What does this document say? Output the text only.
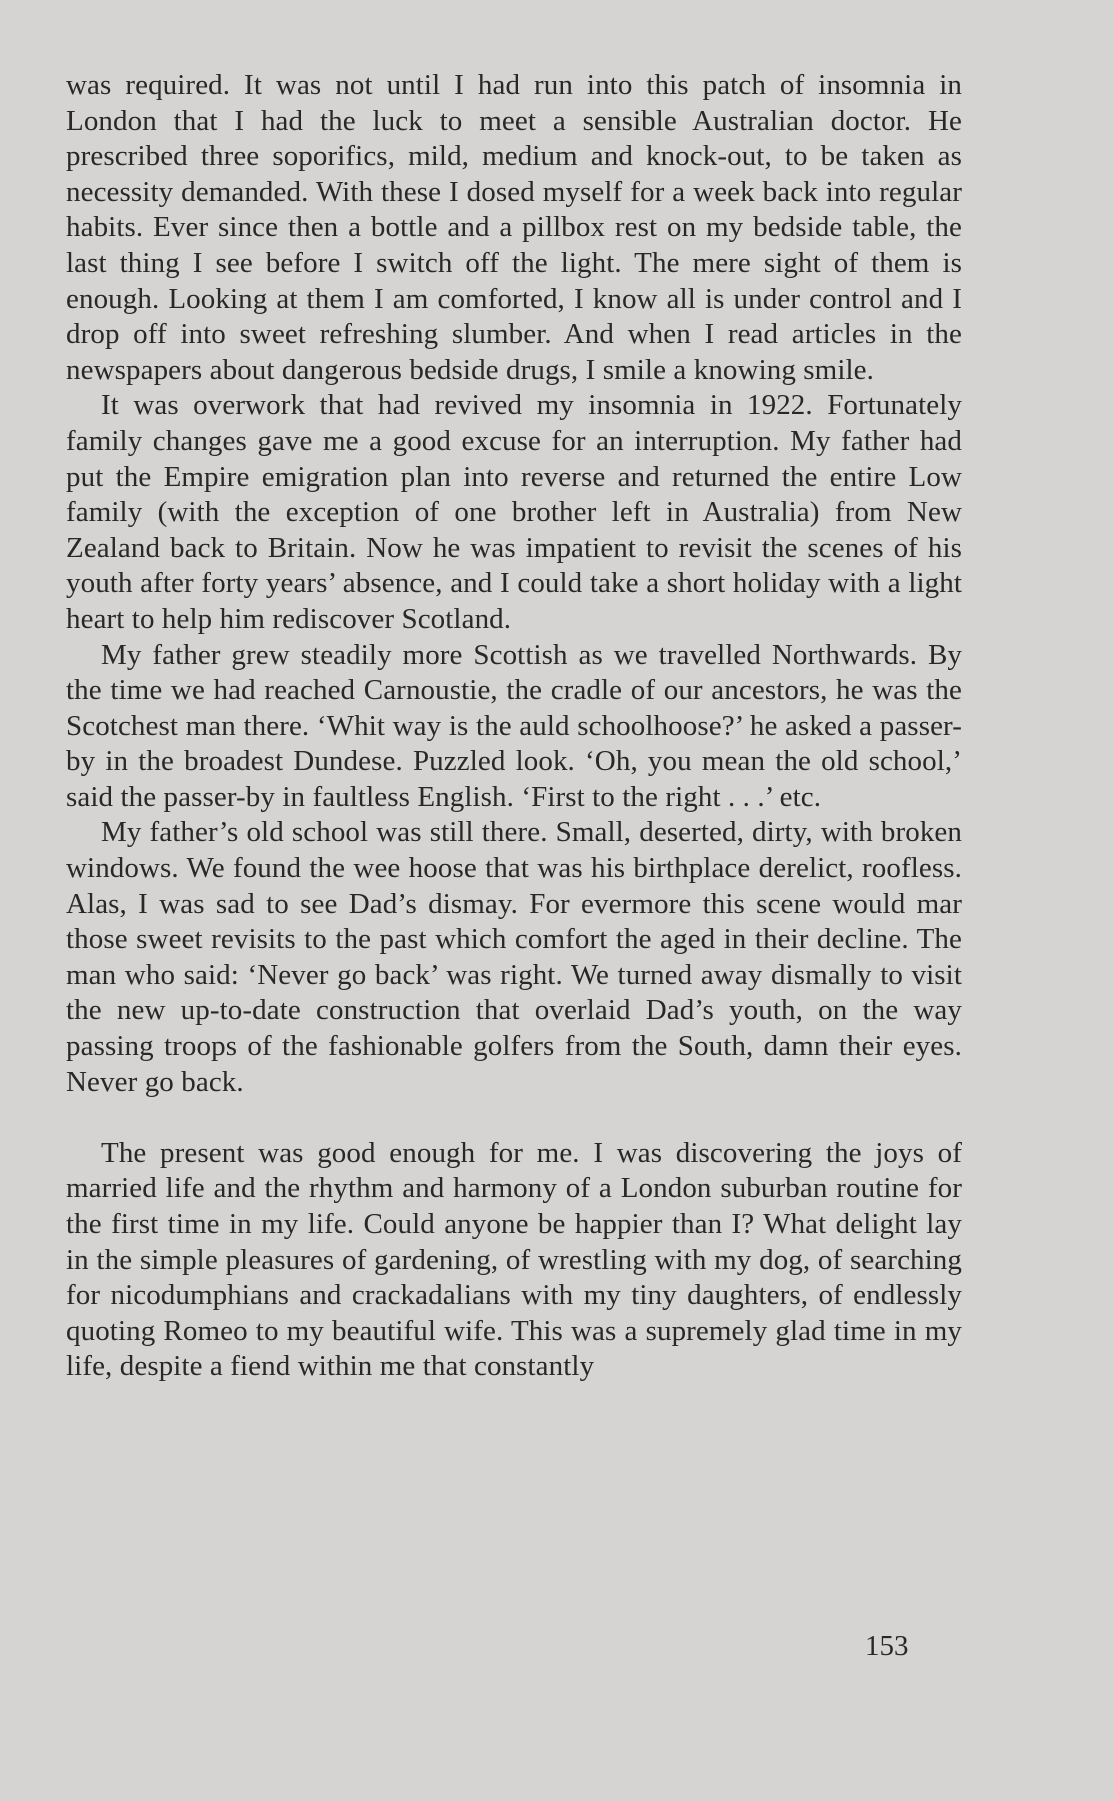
was required. It was not until I had run into this patch of insomnia in London that I had the luck to meet a sensible Australian doctor. He prescribed three soporifics, mild, medium and knock-out, to be taken as necessity demanded. With these I dosed myself for a week back into regular habits. Ever since then a bottle and a pillbox rest on my bedside table, the last thing I see before I switch off the light. The mere sight of them is enough. Looking at them I am comforted, I know all is under control and I drop off into sweet refreshing slumber. And when I read articles in the newspapers about dangerous bedside drugs, I smile a knowing smile.

It was overwork that had revived my insomnia in 1922. Fortunately family changes gave me a good excuse for an interruption. My father had put the Empire emigration plan into reverse and returned the entire Low family (with the exception of one brother left in Australia) from New Zealand back to Britain. Now he was impatient to revisit the scenes of his youth after forty years’ absence, and I could take a short holiday with a light heart to help him rediscover Scotland.

My father grew steadily more Scottish as we travelled Northwards. By the time we had reached Carnoustie, the cradle of our ancestors, he was the Scotchest man there. ‘Whit way is the auld schoolhoose?’ he asked a passer-by in the broadest Dundese. Puzzled look. ‘Oh, you mean the old school,’ said the passer-by in faultless English. ‘First to the right . . .’ etc.

My father’s old school was still there. Small, deserted, dirty, with broken windows. We found the wee hoose that was his birthplace derelict, roofless. Alas, I was sad to see Dad’s dismay. For evermore this scene would mar those sweet revisits to the past which comfort the aged in their decline. The man who said: ‘Never go back’ was right. We turned away dismally to visit the new up-to-date construction that overlaid Dad’s youth, on the way passing troops of the fashionable golfers from the South, damn their eyes. Never go back.

The present was good enough for me. I was discovering the joys of married life and the rhythm and harmony of a London suburban routine for the first time in my life. Could anyone be happier than I? What delight lay in the simple pleasures of gardening, of wrestling with my dog, of searching for nicodumphians and crackadalians with my tiny daughters, of endlessly quoting Romeo to my beautiful wife. This was a supremely glad time in my life, despite a fiend within me that constantly

153
